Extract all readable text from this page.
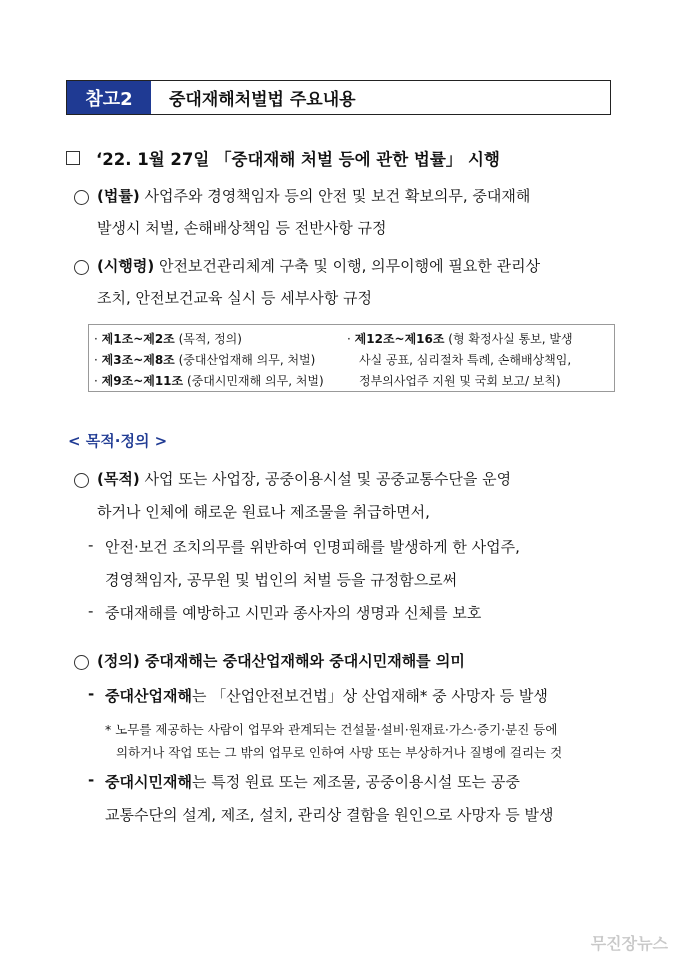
참고2	중대재해처벌법 주요내용
‘22. 1월 27일 「중대재해 처벌 등에 관한 법률」 시행
(법률) 사업주와 경영책임자 등의 안전 및 보건 확보의무, 중대재해
발생시 처벌, 손해배상책임 등 전반사항 규정
(시행령) 안전보건관리체계 구축 및 이행, 의무이행에 필요한 관리상
조치, 안전보건교육 실시 등 세부사항 규정
· 제1조~제2조 (목적, 정의)
· 제3조~제8조 (중대산업재해 의무, 처벌)
· 제9조~제11조 (중대시민재해 의무, 처벌)
· 제12조~제16조 (형 확정사실 통보, 발생
사실 공표, 심리절차 특례, 손해배상책임,
정부의사업주 지원 및 국회 보고/ 보칙)
< 목적·정의 >
(목적) 사업 또는 사업장, 공중이용시설 및 공중교통수단을 운영
하거나 인체에 해로운 원료나 제조물을 취급하면서,
- 안전·보건 조치의무를 위반하여 인명피해를 발생하게 한 사업주,
경영책임자, 공무원 및 법인의 처벌 등을 규정함으로써
- 중대재해를 예방하고 시민과 종사자의 생명과 신체를 보호
(정의) 중대재해는 중대산업재해와 중대시민재해를 의미
- 중대산업재해는 「산업안전보건법」상 산업재해* 중 사망자 등 발생
* 노무를 제공하는 사람이 업무와 관계되는 건설물·설비·원재료·가스·증기·분진 등에
의하거나 작업 또는 그 밖의 업무로 인하여 사망 또는 부상하거나 질병에 걸리는 것
- 중대시민재해는 특정 원료 또는 제조물, 공중이용시설 또는 공중
교통수단의 설계, 제조, 설치, 관리상 결함을 원인으로 사망자 등 발생
무진장뉴스
